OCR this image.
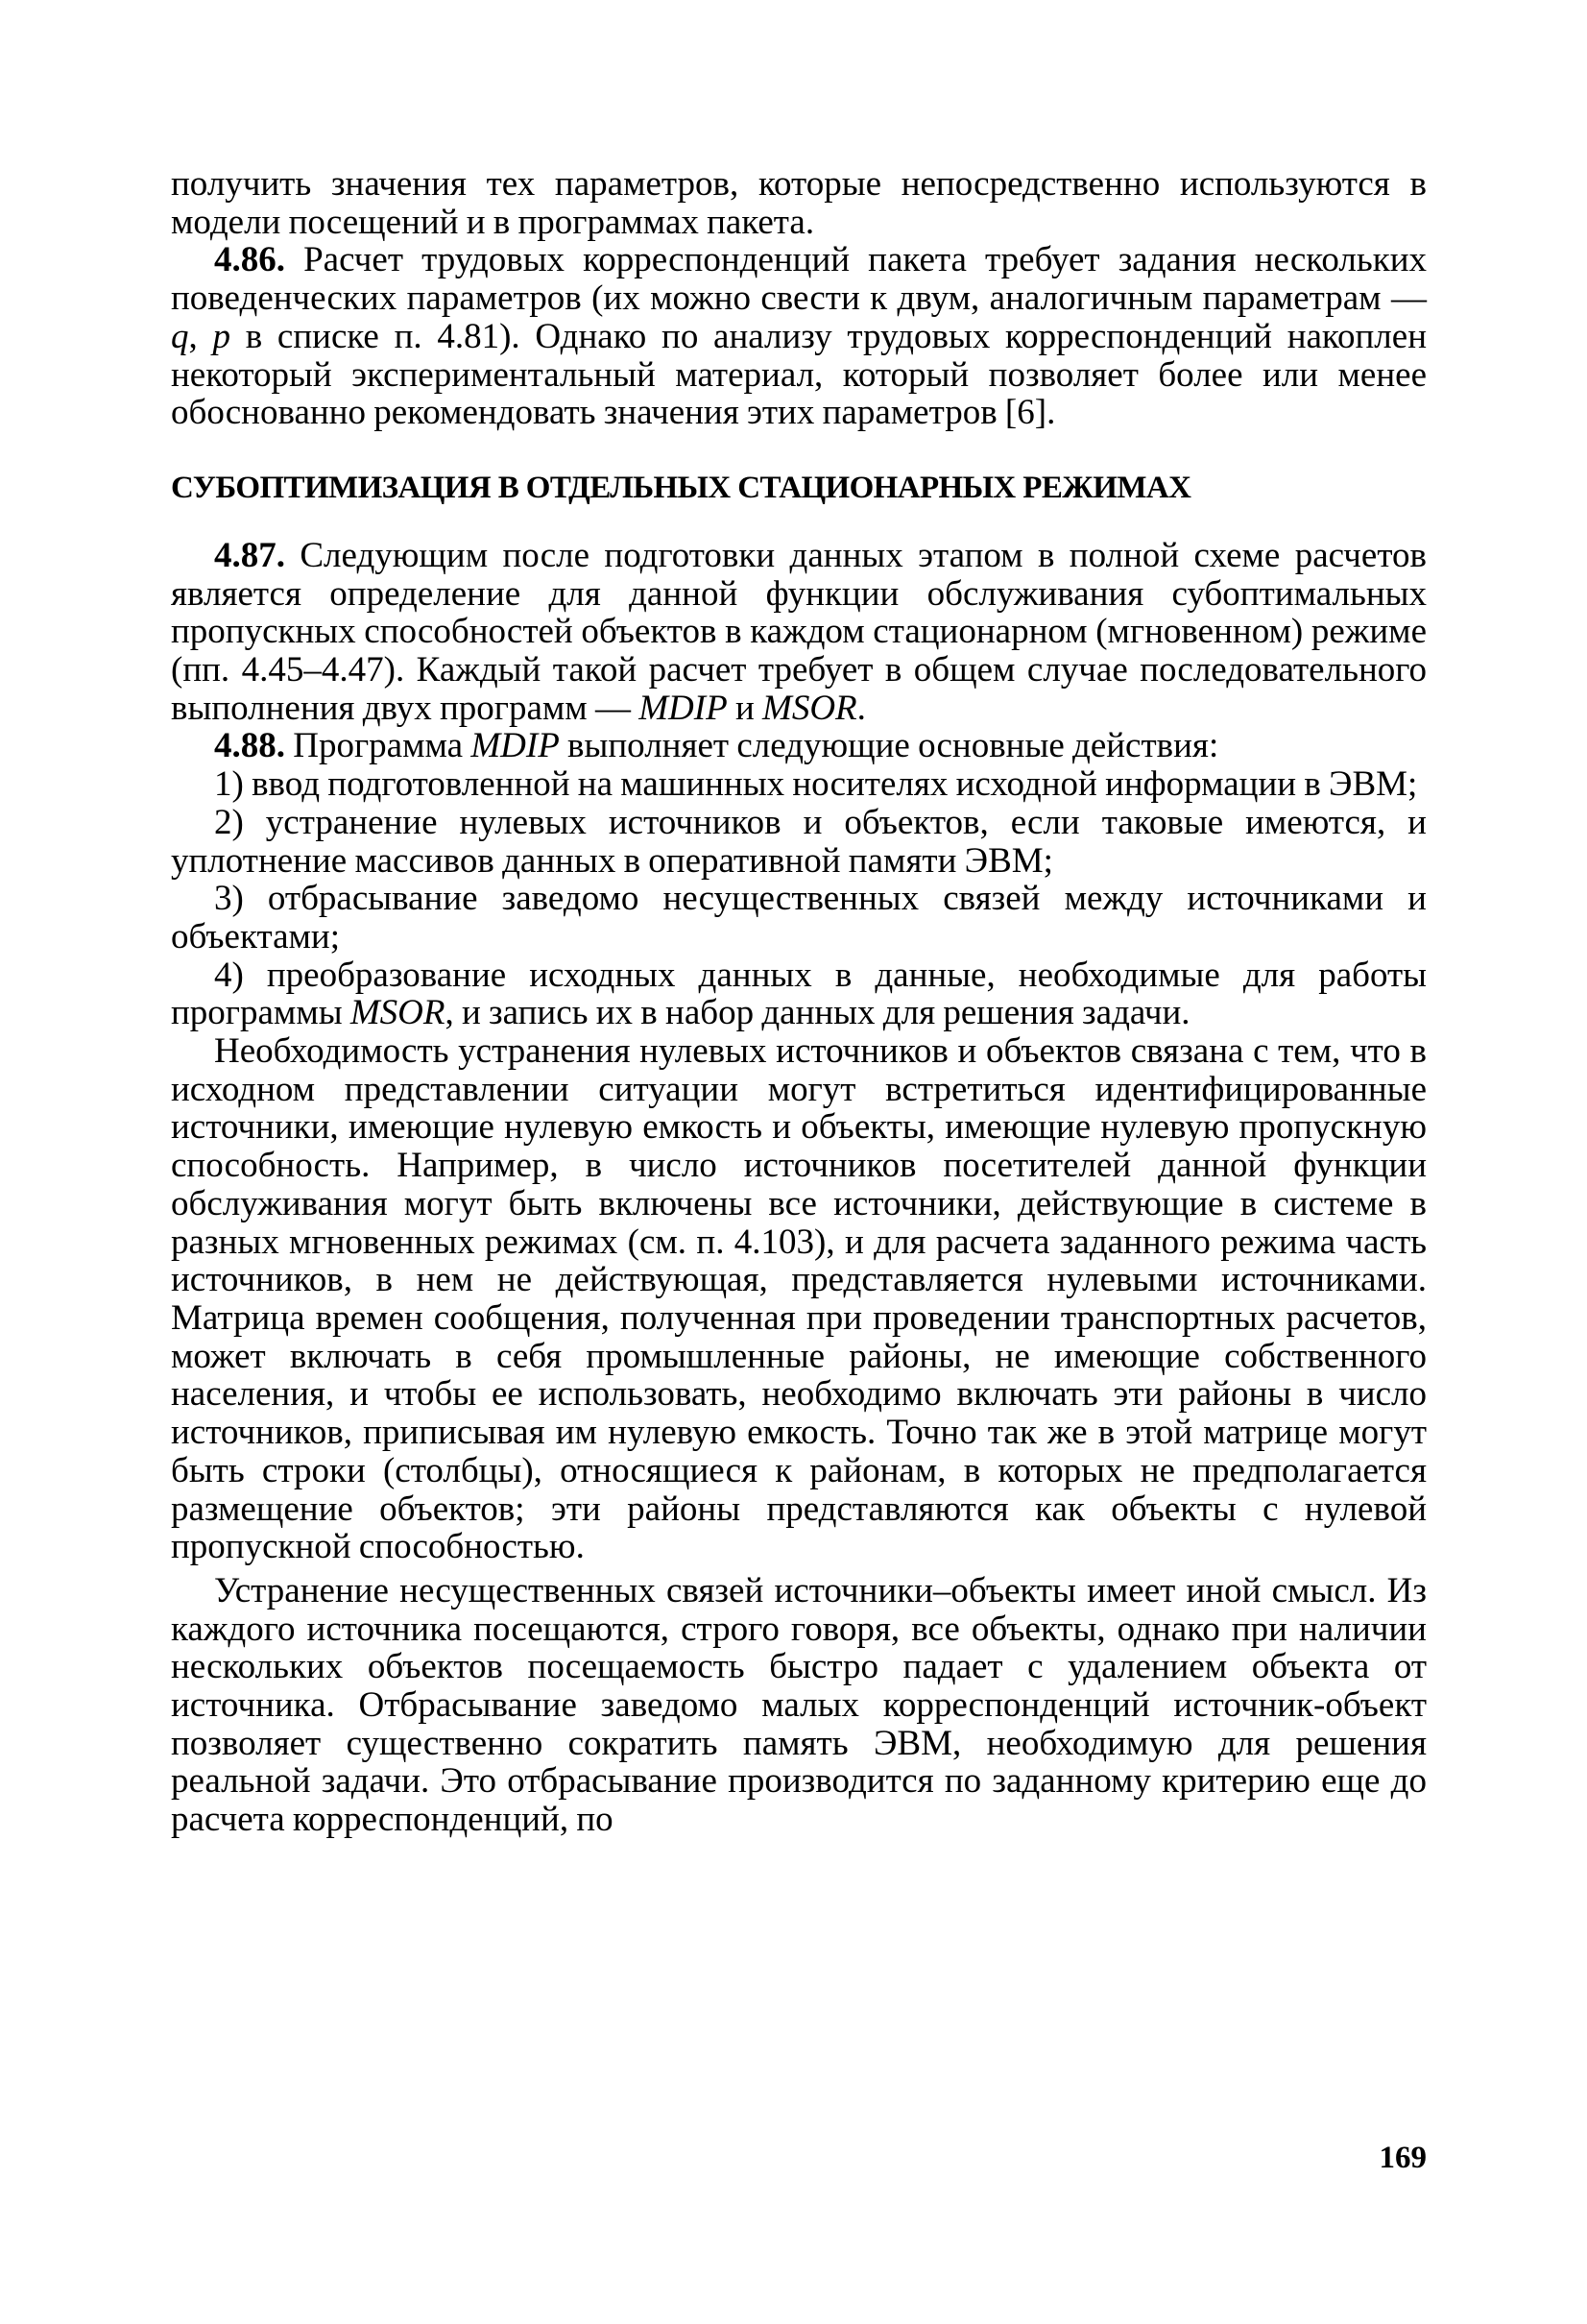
получить значения тех параметров, которые непосредственно используются в модели посещений и в программах пакета.

4.86. Расчет трудовых корреспонденций пакета требует задания нескольких поведенческих параметров (их можно свести к двум, аналогичным параметрам — q, p в списке п. 4.81). Однако по анализу трудовых корреспонденций накоплен некоторый экспериментальный материал, который позволяет более или менее обоснованно рекомендовать значения этих параметров [6].

СУБОПТИМИЗАЦИЯ В ОТДЕЛЬНЫХ СТАЦИОНАРНЫХ РЕЖИМАХ

4.87. Следующим после подготовки данных этапом в полной схеме расчетов является определение для данной функции обслуживания субоптимальных пропускных способностей объектов в каждом стационарном (мгновенном) режиме (пп. 4.45–4.47). Каждый такой расчет требует в общем случае последовательного выполнения двух программ — MDIP и MSOR.

4.88. Программа MDIP выполняет следующие основные действия:

1) ввод подготовленной на машинных носителях исходной информации в ЭВМ;

2) устранение нулевых источников и объектов, если таковые имеются, и уплотнение массивов данных в оперативной памяти ЭВМ;

3) отбрасывание заведомо несущественных связей между источниками и объектами;

4) преобразование исходных данных в данные, необходимые для работы программы MSOR, и запись их в набор данных для решения задачи.

Необходимость устранения нулевых источников и объектов связана с тем, что в исходном представлении ситуации могут встретиться идентифицированные источники, имеющие нулевую емкость и объекты, имеющие нулевую пропускную способность. Например, в число источников посетителей данной функции обслуживания могут быть включены все источники, действующие в системе в разных мгновенных режимах (см. п. 4.103), и для расчета заданного режима часть источников, в нем не действующая, представляется нулевыми источниками. Матрица времен сообщения, полученная при проведении транспортных расчетов, может включать в себя промышленные районы, не имеющие собственного населения, и чтобы ее использовать, необходимо включать эти районы в число источников, приписывая им нулевую емкость. Точно так же в этой матрице могут быть строки (столбцы), относящиеся к районам, в которых не предполагается размещение объектов; эти районы представляются как объекты с нулевой пропускной способностью.

Устранение несущественных связей источники–объекты имеет иной смысл. Из каждого источника посещаются, строго говоря, все объекты, однако при наличии нескольких объектов посещаемость быстро падает с удалением объекта от источника. Отбрасывание заведомо малых корреспонденций источник-объект позволяет существенно сократить память ЭВМ, необходимую для решения реальной задачи. Это отбрасывание производится по заданному критерию еще до расчета корреспонденций, по

169
